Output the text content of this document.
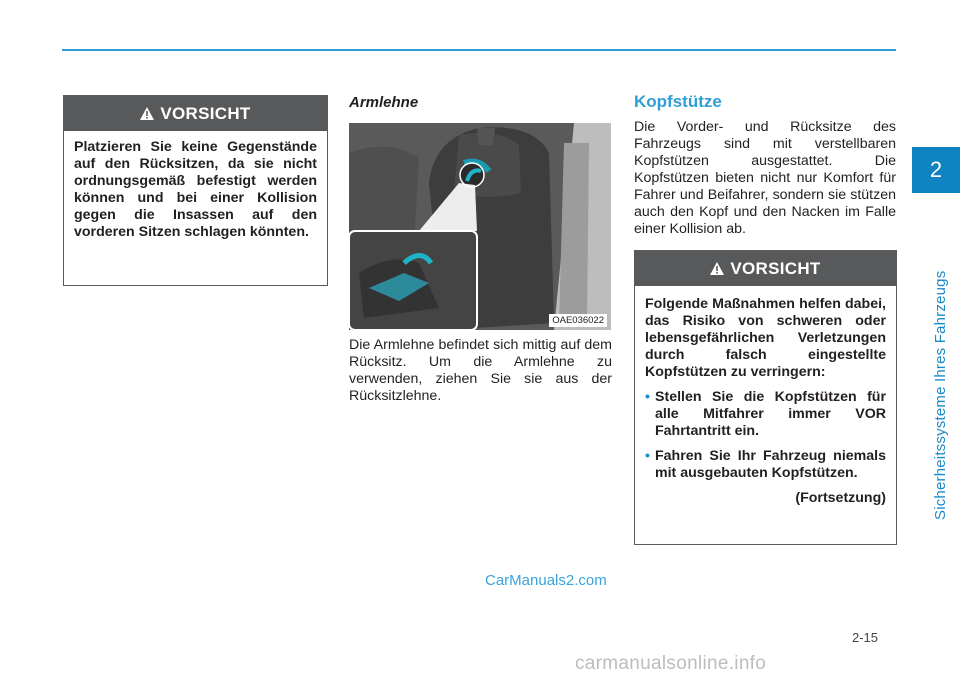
2
Sicherheitssysteme Ihres Fahrzeugs
VORSICHT
Platzieren Sie keine Gegenstände auf den Rücksitzen, da sie nicht ordnungsgemäß befestigt werden können und bei einer Kollision gegen die Insassen auf den vorderen Sitzen schlagen könnten.
Armlehne
OAE036022
Die Armlehne befindet sich mittig auf dem Rücksitz. Um die Armlehne zu verwenden, ziehen Sie sie aus der Rücksitzlehne.
Kopfstütze
Die Vorder- und Rücksitze des Fahrzeugs sind mit verstellbaren Kopfstützen ausgestattet. Die Kopfstützen bieten nicht nur Komfort für Fahrer und Beifahrer, sondern sie stützen auch den Kopf und den Nacken im Falle einer Kollision ab.
VORSICHT
Folgende Maßnahmen helfen dabei, das Risiko von schweren oder lebensgefährlichen Verletzungen durch falsch eingestellte Kopfstützen zu verringern:
• Stellen Sie die Kopfstützen für alle Mitfahrer immer VOR Fahrtantritt ein.
• Fahren Sie Ihr Fahrzeug niemals mit ausgebauten Kopfstützen.
(Fortsetzung)
CarManuals2.com
2-15
carmanualsonline.info
